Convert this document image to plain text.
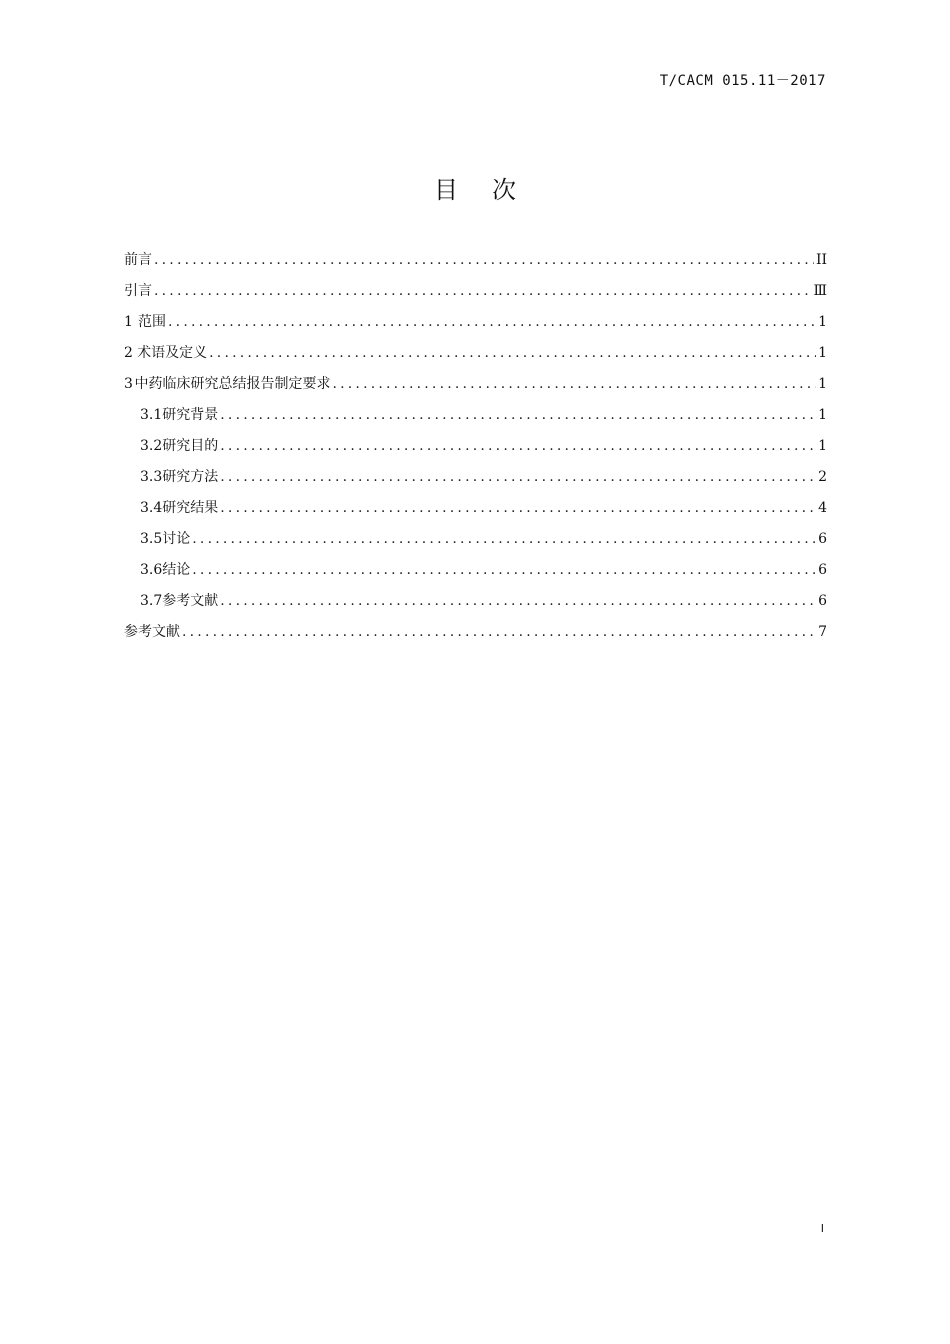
T/CACM 015.11－2017
目 次
前言 .....	II
引言 .....	Ⅲ
1 范围 .....	1
2 术语及定义 .....	1
3 中药临床研究总结报告制定要求 .....	1
3.1 研究背景 .....	1
3.2 研究目的 .....	1
3.3 研究方法 .....	2
3.4 研究结果 .....	4
3.5 讨论 .....	6
3.6 结论 .....	6
3.7 参考文献 .....	6
参考文献 .....	7
I
